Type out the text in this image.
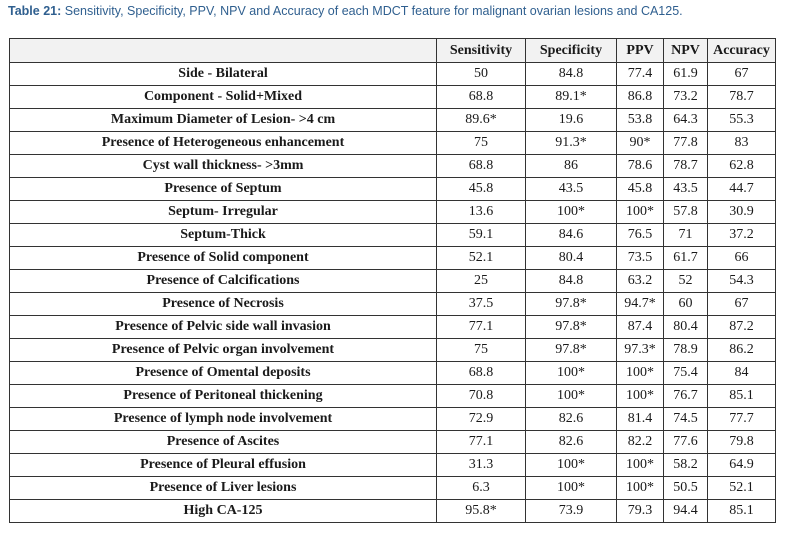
Table 21: Sensitivity, Specificity, PPV, NPV and Accuracy of each MDCT feature for malignant ovarian lesions and CA125.
	Sensitivity	Specificity	PPV	NPV	Accuracy
Side - Bilateral	50	84.8	77.4	61.9	67
Component - Solid+Mixed	68.8	89.1*	86.8	73.2	78.7
Maximum Diameter of Lesion- >4 cm	89.6*	19.6	53.8	64.3	55.3
Presence of Heterogeneous enhancement	75	91.3*	90*	77.8	83
Cyst wall thickness- >3mm	68.8	86	78.6	78.7	62.8
Presence of Septum	45.8	43.5	45.8	43.5	44.7
Septum- Irregular	13.6	100*	100*	57.8	30.9
Septum-Thick	59.1	84.6	76.5	71	37.2
Presence of Solid component	52.1	80.4	73.5	61.7	66
Presence of Calcifications	25	84.8	63.2	52	54.3
Presence of Necrosis	37.5	97.8*	94.7*	60	67
Presence of Pelvic side wall invasion	77.1	97.8*	87.4	80.4	87.2
Presence of Pelvic organ involvement	75	97.8*	97.3*	78.9	86.2
Presence of Omental deposits	68.8	100*	100*	75.4	84
Presence of Peritoneal thickening	70.8	100*	100*	76.7	85.1
Presence of lymph node involvement	72.9	82.6	81.4	74.5	77.7
Presence of Ascites	77.1	82.6	82.2	77.6	79.8
Presence of Pleural effusion	31.3	100*	100*	58.2	64.9
Presence of Liver lesions	6.3	100*	100*	50.5	52.1
High CA-125	95.8*	73.9	79.3	94.4	85.1
